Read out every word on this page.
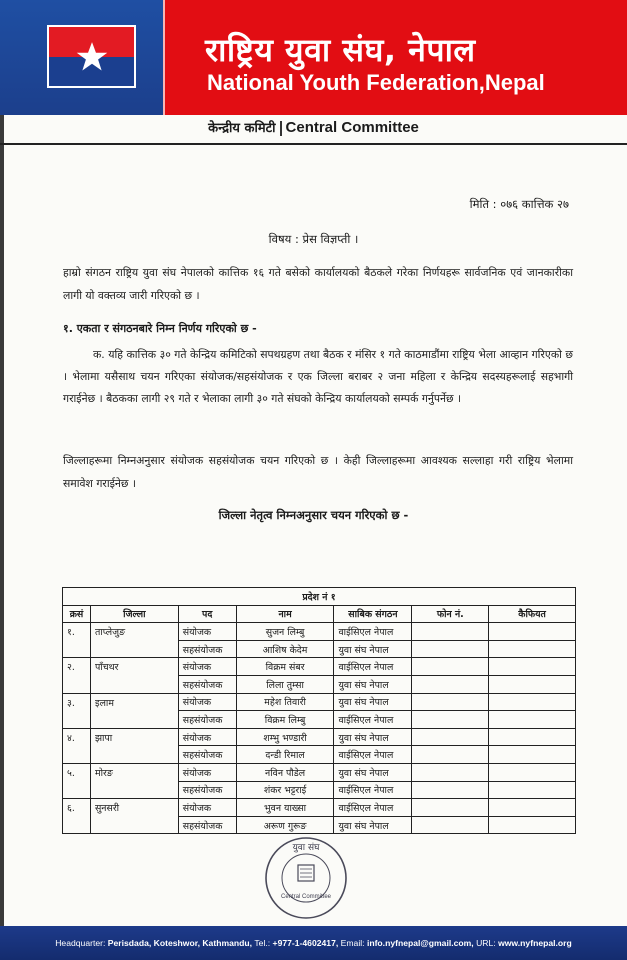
राष्ट्रिय युवा संघ, नेपाल
National Youth Federation,Nepal
केन्द्रीय कमिटी Central Committee
मिति : ०७६ कात्तिक २७
विषय : प्रेस विज्ञप्ती ।
हाम्रो संगठन राष्ट्रिय युवा संघ नेपालको कात्तिक १६ गते बसेको कार्यालयको बैठकले गरेका निर्णयहरू सार्वजनिक एवं जानकारीका लागी यो वक्तव्य जारी गरिएको छ ।
१. एकता र संगठनबारे निम्न निर्णय गरिएको छ -
क. यहि कात्तिक ३० गते केन्द्रिय कमिटिको सपथग्रहण तथा बैठक र मंसिर १ गते काठमाडौंमा राष्ट्रिय भेला आव्हान गरिएको छ । भेलामा यसैसाथ चयन गरिएका संयोजक/सहसंयोजक र एक जिल्ला बराबर २ जना महिला र केन्द्रिय सदस्यहरूलाई सहभागी गराईनेछ । बैठकका लागी २९ गते र भेलाका लागी ३० गते संघको केन्द्रिय कार्यालयको सम्पर्क गर्नुपर्नेछ ।
जिल्लाहरूमा निम्नअनुसार संयोजक सहसंयोजक चयन गरिएको छ । केही जिल्लाहरूमा आवश्यक सल्लाहा गरी राष्ट्रिय भेलामा समावेश गराईनेछ ।
जिल्ला नेतृत्व निम्नअनुसार चयन गरिएको छ -
प्रदेश नं १						
क्रसं	जिल्ला	पद	नाम	साबिक संगठन	फोन नं.	कैफियत
१.	ताप्लेजुङ	संयोजक	सुजन लिम्बु	वाईसिएल नेपाल		
		सहसंयोजक	आशिष केदेम	युवा संघ नेपाल		
२.	पाँचथर	संयोजक	विक्रम संबर	वाईसिएल नेपाल		
		सहसंयोजक	लिला तुम्सा	युवा संघ नेपाल		
३.	इलाम	संयोजक	महेश तिवारी	युवा संघ नेपाल		
		सहसंयोजक	विक्रम लिम्बु	वाईसिएल नेपाल		
४.	झापा	संयोजक	शम्भु भण्डारी	युवा संघ नेपाल		
		सहसंयोजक	दन्डी रिमाल	वाईसिएल नेपाल		
५.	मोरङ	संयोजक	नविन पौडेल	युवा संघ नेपाल		
		सहसंयोजक	शंकर भट्टराई	वाईसिएल नेपाल		
६.	सुनसरी	संयोजक	भुवन याख्सा	वाईसिएल नेपाल		
		सहसंयोजक	अरूण गुरूङ	युवा संघ नेपाल		
युवा संघ
Central Committee
Headquarter:
Perisdada, Koteshwor, Kathmandu,
Tel.:
+977-1-4602417,
Email:
info.nyfnepal@gmail.com,
URL:
www.nyfnepal.org
